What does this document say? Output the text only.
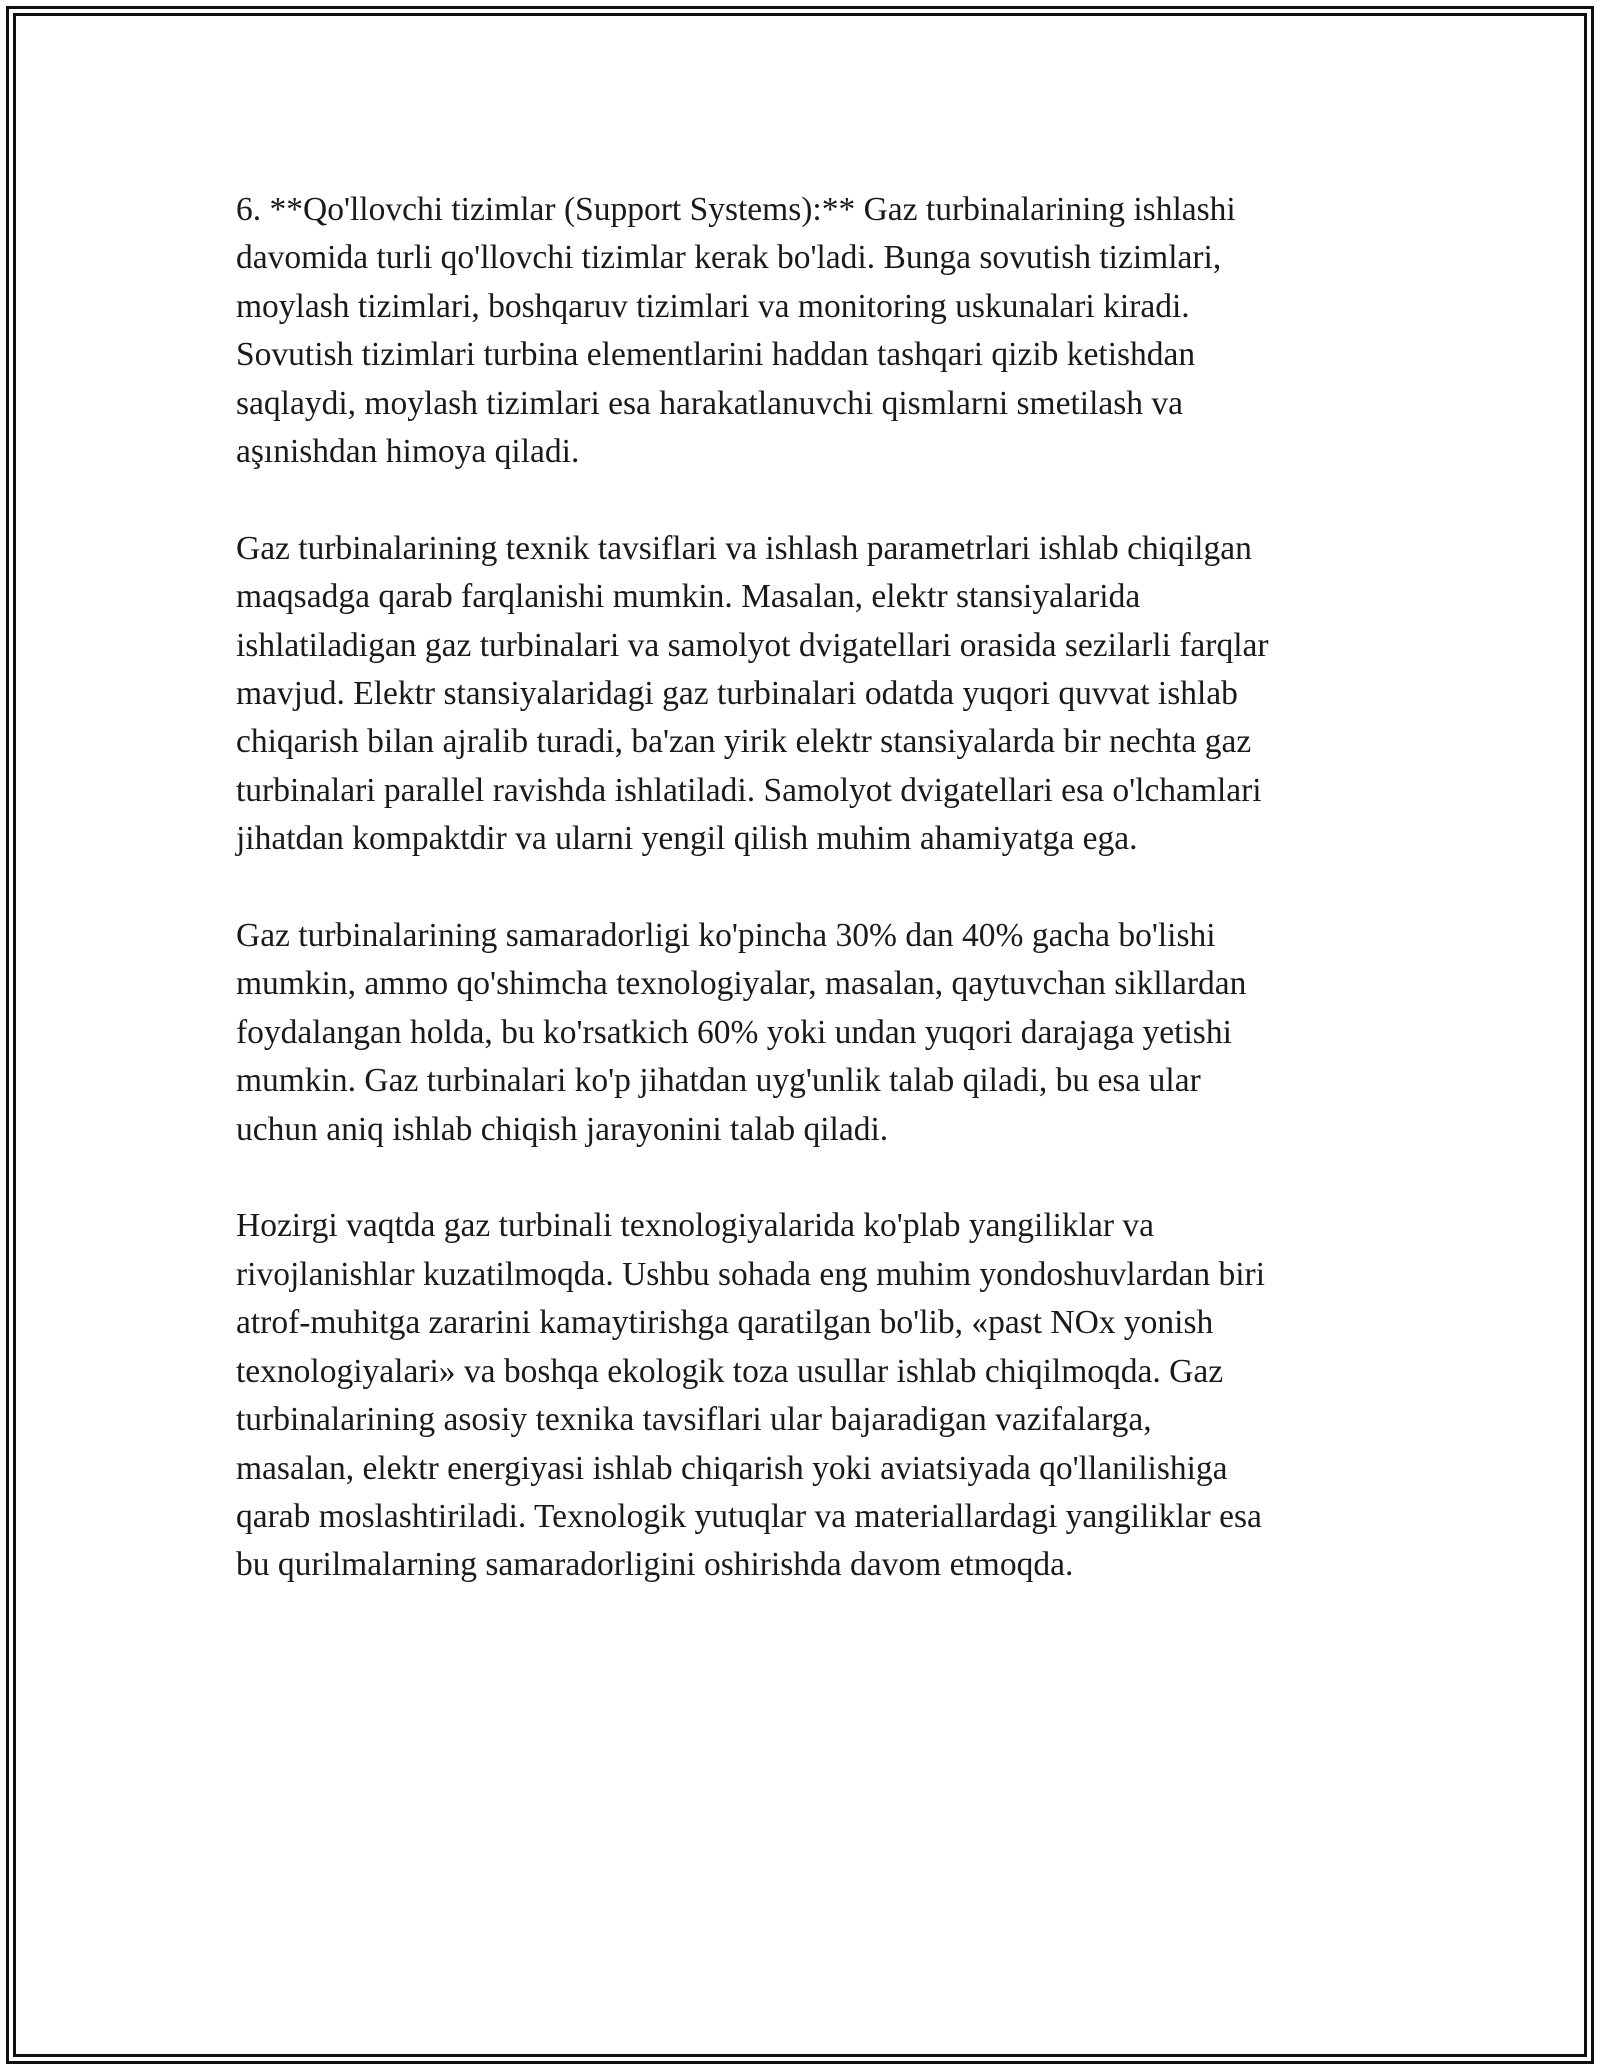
6. **Qo'llovchi tizimlar (Support Systems):** Gaz turbinalarining ishlashi
davomida turli qo'llovchi tizimlar kerak bo'ladi. Bunga sovutish tizimlari,
moylash tizimlari, boshqaruv tizimlari va monitoring uskunalari kiradi.
Sovutish tizimlari turbina elementlarini haddan tashqari qizib ketishdan
saqlaydi, moylash tizimlari esa harakatlanuvchi qismlarni smetilash va
aşınishdan himoya qiladi.

Gaz turbinalarining texnik tavsiflari va ishlash parametrlari ishlab chiqilgan
maqsadga qarab farqlanishi mumkin. Masalan, elektr stansiyalarida
ishlatiladigan gaz turbinalari va samolyot dvigatellari orasida sezilarli farqlar
mavjud. Elektr stansiyalaridagi gaz turbinalari odatda yuqori quvvat ishlab
chiqarish bilan ajralib turadi, ba'zan yirik elektr stansiyalarda bir nechta gaz
turbinalari parallel ravishda ishlatiladi. Samolyot dvigatellari esa o'lchamlari
jihatdan kompaktdir va ularni yengil qilish muhim ahamiyatga ega.

Gaz turbinalarining samaradorligi ko'pincha 30% dan 40% gacha bo'lishi
mumkin, ammo qo'shimcha texnologiyalar, masalan, qaytuvchan sikllardan
foydalangan holda, bu ko'rsatkich 60% yoki undan yuqori darajaga yetishi
mumkin. Gaz turbinalari ko'p jihatdan uyg'unlik talab qiladi, bu esa ular
uchun aniq ishlab chiqish jarayonini talab qiladi.

Hozirgi vaqtda gaz turbinali texnologiyalarida ko'plab yangiliklar va
rivojlanishlar kuzatilmoqda. Ushbu sohada eng muhim yondoshuvlardan biri
atrof-muhitga zararini kamaytirishga qaratilgan bo'lib, «past NOx yonish
texnologiyalari» va boshqa ekologik toza usullar ishlab chiqilmoqda. Gaz
turbinalarining asosiy texnika tavsiflari ular bajaradigan vazifalarga,
masalan, elektr energiyasi ishlab chiqarish yoki aviatsiyada qo'llanilishiga
qarab moslashtiriladi. Texnologik yutuqlar va materiallardagi yangiliklar esa
bu qurilmalarning samaradorligini oshirishda davom etmoqda.
